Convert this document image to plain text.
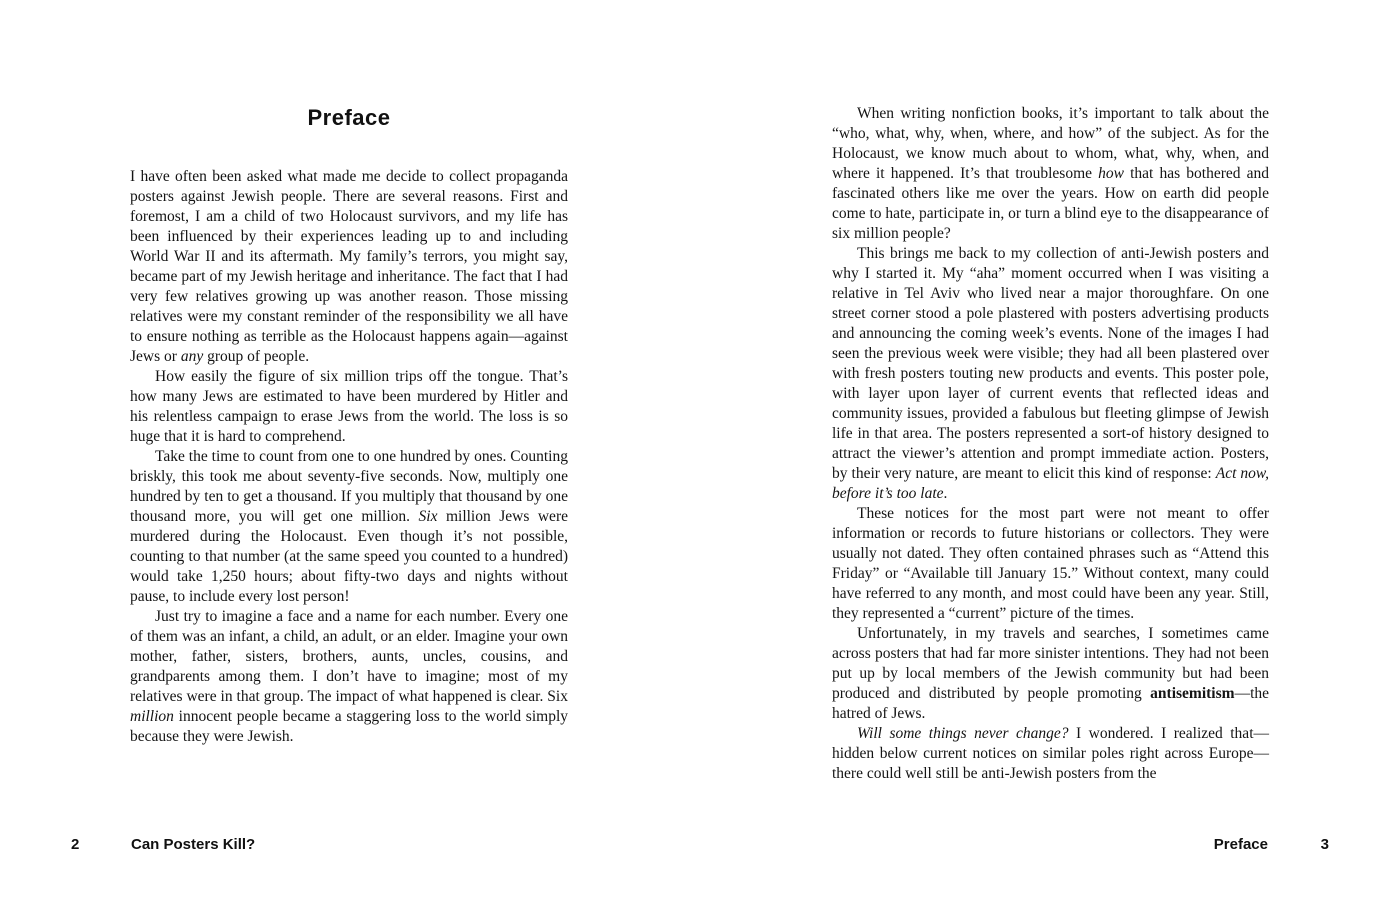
Preface

I have often been asked what made me decide to collect propaganda posters against Jewish people. There are several reasons. First and foremost, I am a child of two Holocaust survivors, and my life has been influenced by their experiences leading up to and including World War II and its aftermath. My family’s terrors, you might say, became part of my Jewish heritage and inheritance. The fact that I had very few relatives growing up was another reason. Those missing relatives were my constant reminder of the responsibility we all have to ensure nothing as terrible as the Holocaust happens again—against Jews or any group of people.

How easily the figure of six million trips off the tongue. That’s how many Jews are estimated to have been murdered by Hitler and his relentless campaign to erase Jews from the world. The loss is so huge that it is hard to comprehend.

Take the time to count from one to one hundred by ones. Counting briskly, this took me about seventy-five seconds. Now, multiply one hundred by ten to get a thousand. If you multiply that thousand by one thousand more, you will get one million. Six million Jews were murdered during the Holocaust. Even though it’s not possible, counting to that number (at the same speed you counted to a hundred) would take 1,250 hours; about fifty-two days and nights without pause, to include every lost person!

Just try to imagine a face and a name for each number. Every one of them was an infant, a child, an adult, or an elder. Imagine your own mother, father, sisters, brothers, aunts, uncles, cousins, and grandparents among them. I don’t have to imagine; most of my relatives were in that group. The impact of what happened is clear. Six million innocent people became a staggering loss to the world simply because they were Jewish.

When writing nonfiction books, it’s important to talk about the “who, what, why, when, where, and how” of the subject. As for the Holocaust, we know much about to whom, what, why, when, and where it happened. It’s that troublesome how that has bothered and fascinated others like me over the years. How on earth did people come to hate, participate in, or turn a blind eye to the disappearance of six million people?

This brings me back to my collection of anti-Jewish posters and why I started it. My “aha” moment occurred when I was visiting a relative in Tel Aviv who lived near a major thoroughfare. On one street corner stood a pole plastered with posters advertising products and announcing the coming week’s events. None of the images I had seen the previous week were visible; they had all been plastered over with fresh posters touting new products and events. This poster pole, with layer upon layer of current events that reflected ideas and community issues, provided a fabulous but fleeting glimpse of Jewish life in that area. The posters represented a sort-of history designed to attract the viewer’s attention and prompt immediate action. Posters, by their very nature, are meant to elicit this kind of response: Act now, before it’s too late.

These notices for the most part were not meant to offer information or records to future historians or collectors. They were usually not dated. They often contained phrases such as “Attend this Friday” or “Available till January 15.” Without context, many could have referred to any month, and most could have been any year. Still, they represented a “current” picture of the times.

Unfortunately, in my travels and searches, I sometimes came across posters that had far more sinister intentions. They had not been put up by local members of the Jewish community but had been produced and distributed by people promoting antisemitism—the hatred of Jews.

Will some things never change? I wondered. I realized that—hidden below current notices on similar poles right across Europe—there could well still be anti-Jewish posters from the

2	Can Posters Kill?	Preface	3
